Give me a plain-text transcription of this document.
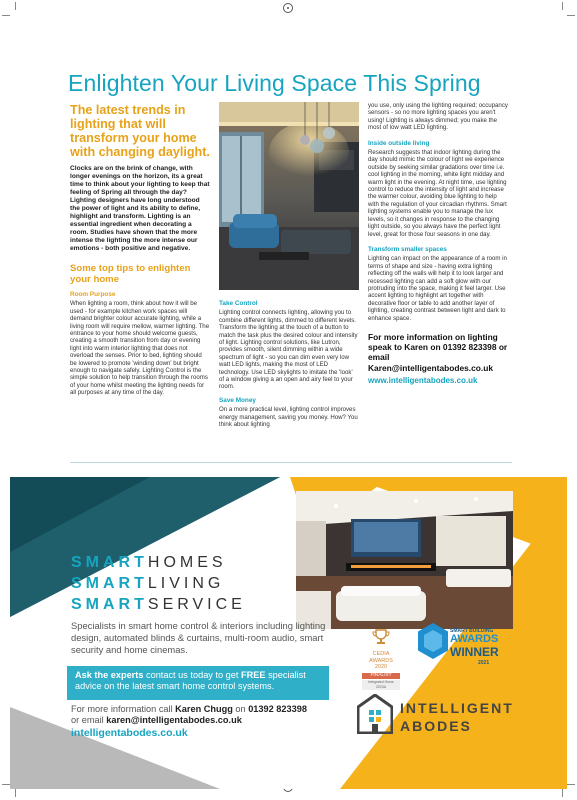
Enlighten Your Living Space This Spring
The latest trends in lighting that will transform your home with changing daylight.
Clocks are on the brink of change, with longer evenings on the horizon, its a great time to think about your lighting to keep that feeling of Spring all through the day? Lighting designers have long understood the power of light and its ability to define, highlight and transform. Lighting is an essential ingredient when decorating a room. Studies have shown that the more intense the lighting the more intense our emotions - both positive and negative.
Some top tips to enlighten your home
Room Purpose

When lighting a room, think about how it will be used - for example kitchen work spaces will demand brighter colour accurate lighting, while a living room will require mellow, warmer lighting. The entrance to your home should welcome guests, creating a smooth transition from day or evening light into warm interior lighting that does not overload the senses. Prior to bed, lighting should be lowered to promote 'winding down' but bright enough to navigate safely. Lighting Control is the simple solution to help transition through the rooms of your home whilst meeting the lighting needs for all purposes at any time of the day.

Take Control

Lighting control connects lighting, allowing you to combine different lights, dimmed to different levels. Transform the lighting at the touch of a button to match the task plus the desired colour and intensity of light. Lighting control solutions, like Lutron, provides smooth, silent dimming within a wide spectrum of light - so you can dim even very low watt LED lights, making the most of LED technology. Use LED skylights to imitate the 'look' of a window giving a an open and airy feel to your room.

Save Money

On a more practical level, lighting control improves energy management, saving you money. How? You think about lighting

you use, only using the lighting required; occupancy sensors - so no more lighting spaces you aren't using! Lighting is always dimmed; you make the most of low watt LED lighting.

Inside outside living

Research suggests that indoor lighting during the day should mimic the colour of light we experience outside by seeking similar gradations over time i.e. cool lighting in the morning, white light midday and warm light in the evening. At night time, use lighting control to reduce the intensity of light and increase the warmer colour, avoiding blue lighting to help with the regulation of your circadian rhythms. Smart lighting systems enable you to manage the lux levels, so it changes in response to the changing light outside, so you always have the perfect light level, great for those four seasons in one day.

Transform smaller spaces

Lighting can impact on the appearance of a room in terms of shape and size - having extra lighting reflecting off the walls will help it to look larger and recessed lighting can add a soft glow with our protruding into the space, making it feel larger. Use accent lighting to highlight art together with decorative floor or table to add another layer of lighting, creating contrast between light and dark to enhance space.

For more information on lighting speak to Karen on 01392 823398 or email Karen@intelligentabodes.co.uk
www.intelligentabodes.co.uk
SMARTHOMES
SMARTLIVING
SMARTSERVICE
Specialists in smart home control & interiors including lighting design, automated blinds & curtains, multi-room audio, smart security and home cinemas.
Ask the experts contact us today to get FREE specialist advice on the latest smart home control systems.
For more information call Karen Chugg on 01392 823398
or email karen@intelligentabodes.co.uk
intelligentabodes.co.uk
CEDIA
AWARDS
2020
FINALIST
Integrated Home
CEDIA
SMART BUILDING
AWARDS
WINNER
2021
INTELLIGENT
ABODES
